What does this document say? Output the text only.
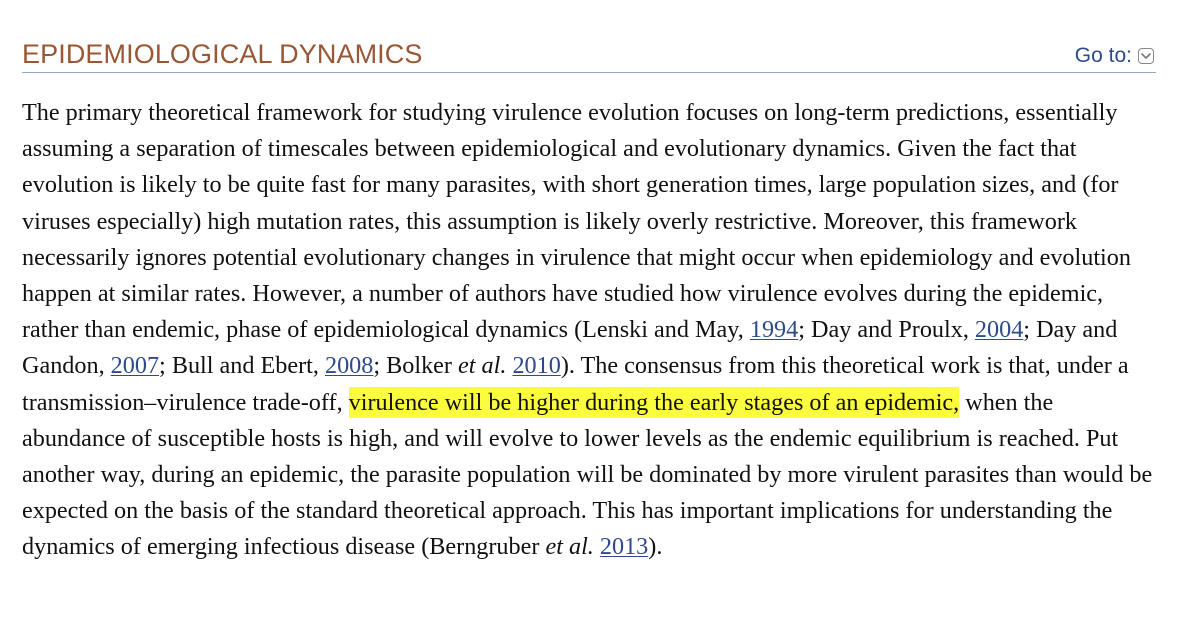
EPIDEMIOLOGICAL DYNAMICS	Go to:

The primary theoretical framework for studying virulence evolution focuses on long-term predictions, essentially assuming a separation of timescales between epidemiological and evolutionary dynamics. Given the fact that evolution is likely to be quite fast for many parasites, with short generation times, large population sizes, and (for viruses especially) high mutation rates, this assumption is likely overly restrictive. Moreover, this framework necessarily ignores potential evolutionary changes in virulence that might occur when epidemiology and evolution happen at similar rates. However, a number of authors have studied how virulence evolves during the epidemic, rather than endemic, phase of epidemiological dynamics (Lenski and May, 1994; Day and Proulx, 2004; Day and Gandon, 2007; Bull and Ebert, 2008; Bolker et al. 2010). The consensus from this theoretical work is that, under a transmission–virulence trade-off, virulence will be higher during the early stages of an epidemic, when the abundance of susceptible hosts is high, and will evolve to lower levels as the endemic equilibrium is reached. Put another way, during an epidemic, the parasite population will be dominated by more virulent parasites than would be expected on the basis of the standard theoretical approach. This has important implications for understanding the dynamics of emerging infectious disease (Berngruber et al. 2013).
